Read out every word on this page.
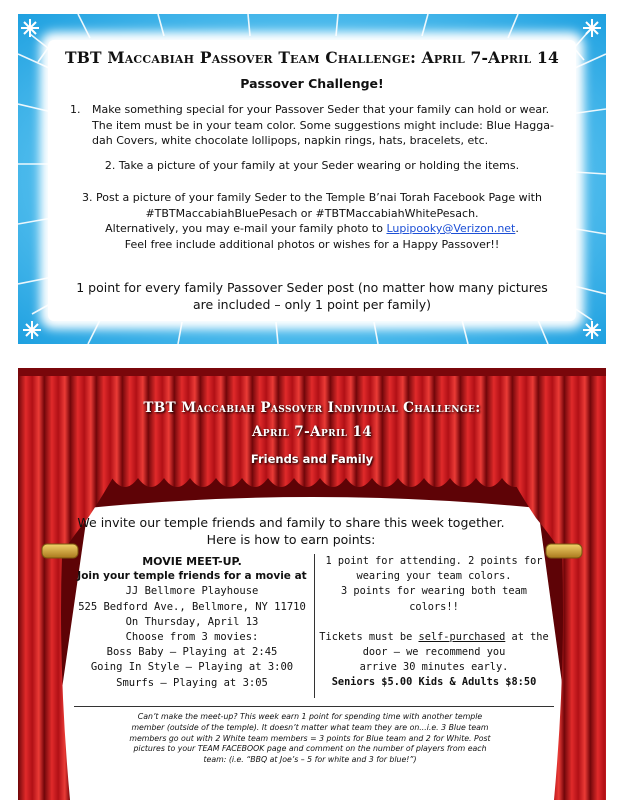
TBT Maccabiah Passover Team Challenge: April 7-April 14
Passover Challenge!
1. Make something special for your Passover Seder that your family can hold or wear.
The item must be in your team color. Some suggestions might include: Blue Hagga-
dah Covers, white chocolate lollipops, napkin rings, hats, bracelets, etc.
2. Take a picture of your family at your Seder wearing or holding the items.
3. Post a picture of your family Seder to the Temple B’nai Torah Facebook Page with
#TBTMaccabiahBluePesach or #TBTMaccabiahWhitePesach.
Alternatively, you may e-mail your family photo to Lupipooky@Verizon.net.
Feel free include additional photos or wishes for a Happy Passover!!
1 point for every family Passover Seder post (no matter how many pictures
are included – only 1 point per family)
TBT Maccabiah Passover Individual Challenge:
April 7-April 14
Friends and Family
We invite our temple friends and family to share this week together.
Here is how to earn points:
MOVIE MEET-UP.
Join your temple friends for a movie at
JJ Bellmore Playhouse
525 Bedford Ave., Bellmore, NY 11710
On Thursday, April 13
Choose from 3 movies:
Boss Baby – Playing at 2:45
Going In Style – Playing at 3:00
Smurfs – Playing at 3:05
1 point for attending. 2 points for
wearing your team colors.
3 points for wearing both team colors!!
Tickets must be self-purchased at the
door – we recommend you
arrive 30 minutes early.
Seniors $5.00 Kids & Adults $8:50
Can’t make the meet-up? This week earn 1 point for spending time with another temple
member (outside of the temple). It doesn’t matter what team they are on...i.e. 3 Blue team
members go out with 2 White team members = 3 points for Blue team and 2 for White. Post
pictures to your TEAM FACEBOOK page and comment on the number of players from each
team: (i.e. “BBQ at Joe’s – 5 for white and 3 for blue!”)
